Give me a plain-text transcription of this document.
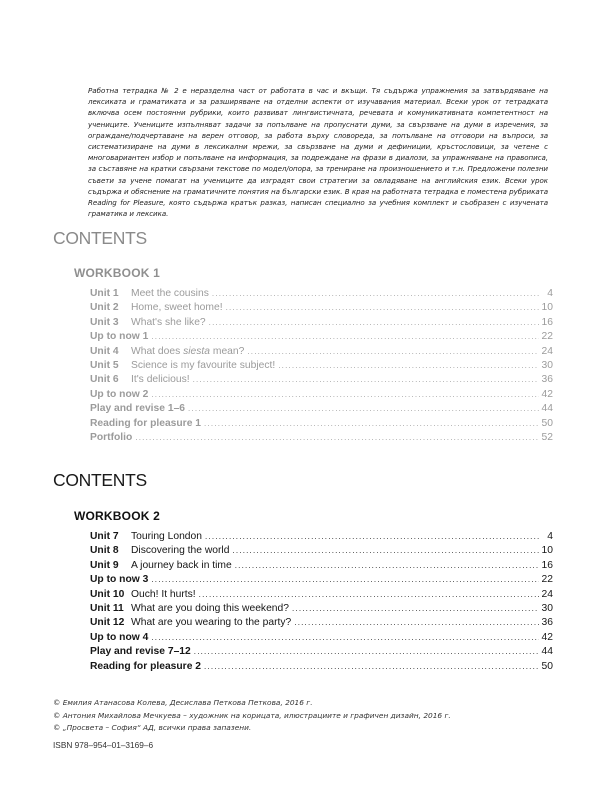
Работна тетрадка № 2 е неразделна част от работата в час и вкъщи. Тя съдържа упражнения за затвърдяване на лексиката и граматиката и за разширяване на отделни аспекти от изучавания материал. Всеки урок от тетрадката включва осем постоянни рубрики, които развиват лингвистичната, речевата и комуникативната компетентност на учениците. Учениците изпълняват задачи за попълване на пропуснати думи, за свързване на думи в изречения, за ограждане/подчертаване на верен отговор, за работа върху словореда, за попълване на отговори на въпроси, за систематизиране на думи в лексикални мрежи, за свързване на думи и дефиниции, кръстословици, за четене с многовариантен избор и попълване на информация, за подреждане на фрази в диалози, за упражняване на правописа, за съставяне на кратки свързани текстове по модел/опора, за трениране на произношението и т.н. Предложени полезни съвети за учене помагат на учениците да изградят свои стратегии за овладяване на английския език. Всеки урок съдържа и обяснение на граматичните понятия на български език. В края на работната тетрадка е поместена рубриката Reading for Pleasure, която съдържа кратък разказ, написан специално за учебния комплект и съобразен с изучената граматика и лексика.
CONTENTS
WORKBOOK 1
Unit 1	Meet the cousins .....	4
Unit 2	Home, sweet home! .....	10
Unit 3	What's she like? .....	16
Up to now 1 .....	22
Unit 4	What does siesta mean? .....	24
Unit 5	Science is my favourite subject! .....	30
Unit 6	It's delicious! .....	36
Up to now 2 .....	42
Play and revise 1–6 .....	44
Reading for pleasure 1 .....	50
Portfolio .....	52
CONTENTS
WORKBOOK 2
Unit 7	Touring London .....	4
Unit 8	Discovering the world .....	10
Unit 9	A journey back in time .....	16
Up to now 3 .....	22
Unit 10 Ouch! It hurts! .....	24
Unit 11 What are you doing this weekend? .....	30
Unit 12 What are you wearing to the party? .....	36
Up to now 4 .....	42
Play and revise 7–12 .....	44
Reading for pleasure 2 .....	50
© Емилия Атанасова Колева, Десислава Петкова Петкова, 2016 г.
© Антония Михайлова Мечкуева – художник на корицата, илюстрациите и графичен дизайн, 2016 г.
© „Просвета – София“ АД, всички права запазени.
ISBN 978–954–01–3169–6
